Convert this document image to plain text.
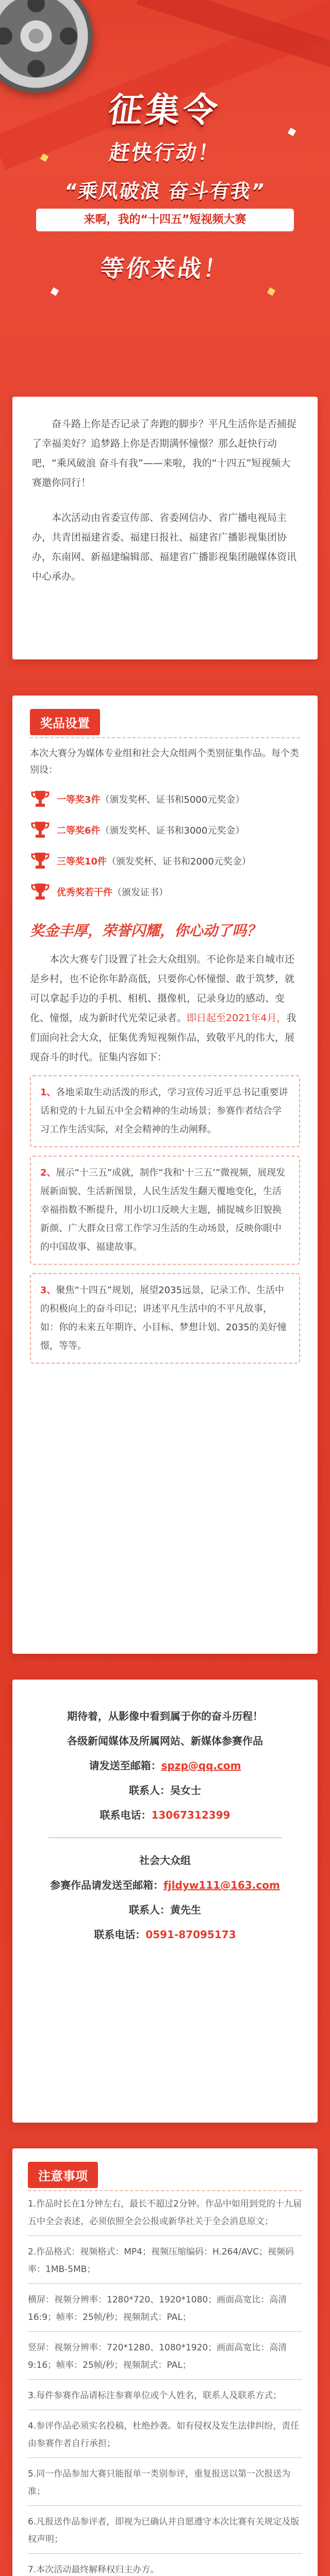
征集令
赶快行动！
“乘风破浪 奋斗有我”
来啊，我的“十四五”短视频大赛
等你来战！

奋斗路上你是否记录了奔跑的脚步？平凡生活你是否捕捉了幸福美好？追梦路上你是否期满怀憧憬？那么赶快行动吧，“乘风破浪 奋斗有我”——来啦，我的“十四五”短视频大赛邀你同行！

本次活动由省委宣传部、省委网信办、省广播电视局主办，共青团福建省委、福建日报社、福建省广播影视集团协办，东南网、新福建编辑部、福建省广播影视集团融媒体资讯中心承办。

奖品设置
本次大赛分为媒体专业组和社会大众组两个类别征集作品。每个类别设：
一等奖3件（颁发奖杯、证书和5000元奖金）
二等奖6件（颁发奖杯、证书和3000元奖金）
三等奖10件（颁发奖杯、证书和2000元奖金）
优秀奖若干件（颁发证书）
奖金丰厚，荣誉闪耀，你心动了吗？
本次大赛专门设置了社会大众组别。不论你是来自城市还是乡村，也不论你年龄高低，只要你心怀憧憬、敢于筑梦，就可以拿起手边的手机、相机、摄像机，记录身边的感动、变化、憧憬，成为新时代光荣记录者。即日起至2021年4月，我们面向社会大众，征集优秀短视频作品，致敬平凡的伟大，展现奋斗的时代。征集内容如下：
1、各地采取生动活泼的形式，学习宣传习近平总书记重要讲话和党的十九届五中全会精神的生动场景；参赛作者结合学习工作生活实际，对全会精神的生动阐释。
2、展示“十三五”成就，制作“我和‘十三五’”微视频，展现发展新面貌、生活新图景，人民生活发生翻天覆地变化，生活幸福指数不断提升，用小切口反映大主题，捕捉城乡旧貌换新颜、广大群众日常工作学习生活的生动场景，反映你眼中的中国故事、福建故事。
3、聚焦“十四五”规划，展望2035远景，记录工作、生活中的积极向上的奋斗印记；讲述平凡生活中的不平凡故事，如：你的未来五年期许、小目标、梦想计划、2035的美好憧憬，等等。
期待着，从影像中看到属于你的奋斗历程！
各级新闻媒体及所属网站、新媒体参赛作品
请发送至邮箱：spzp@qq.com
联系人：吴女士
联系电话：13067312399
社会大众组
参赛作品请发送至邮箱：fjldyw111@163.com
联系人：黄先生
联系电话：0591-87095173
注意事项
1.作品时长在1分钟左右，最长不超过2分钟。作品中如用到党的十九届五中全会表述，必须依照全会公报或新华社关于全会消息原文；
2.作品格式：视频格式：MP4；视频压缩编码：H.264/AVC；视频码率：1MB-5MB；
横屏：视频分辨率：1280*720、1920*1080；画面高宽比：高清16:9；帧率：25帧/秒；视频制式：PAL；
竖屏：视频分辨率：720*1280、1080*1920；画面高宽比：高清9:16；帧率：25帧/秒；视频制式：PAL；
3.每件参赛作品请标注参赛单位或个人姓名，联系人及联系方式；
4.参评作品必须实名投稿，杜绝抄袭。如有侵权及发生法律纠纷，责任由参赛作者自行承担；
5.同一作品参加大赛只能报单一类别参评，重复报送以第一次报送为准；
6.凡报送作品参评者，即视为已确认并自愿遵守本次比赛有关规定及版权声明；
7.本次活动最终解释权归主办方。
